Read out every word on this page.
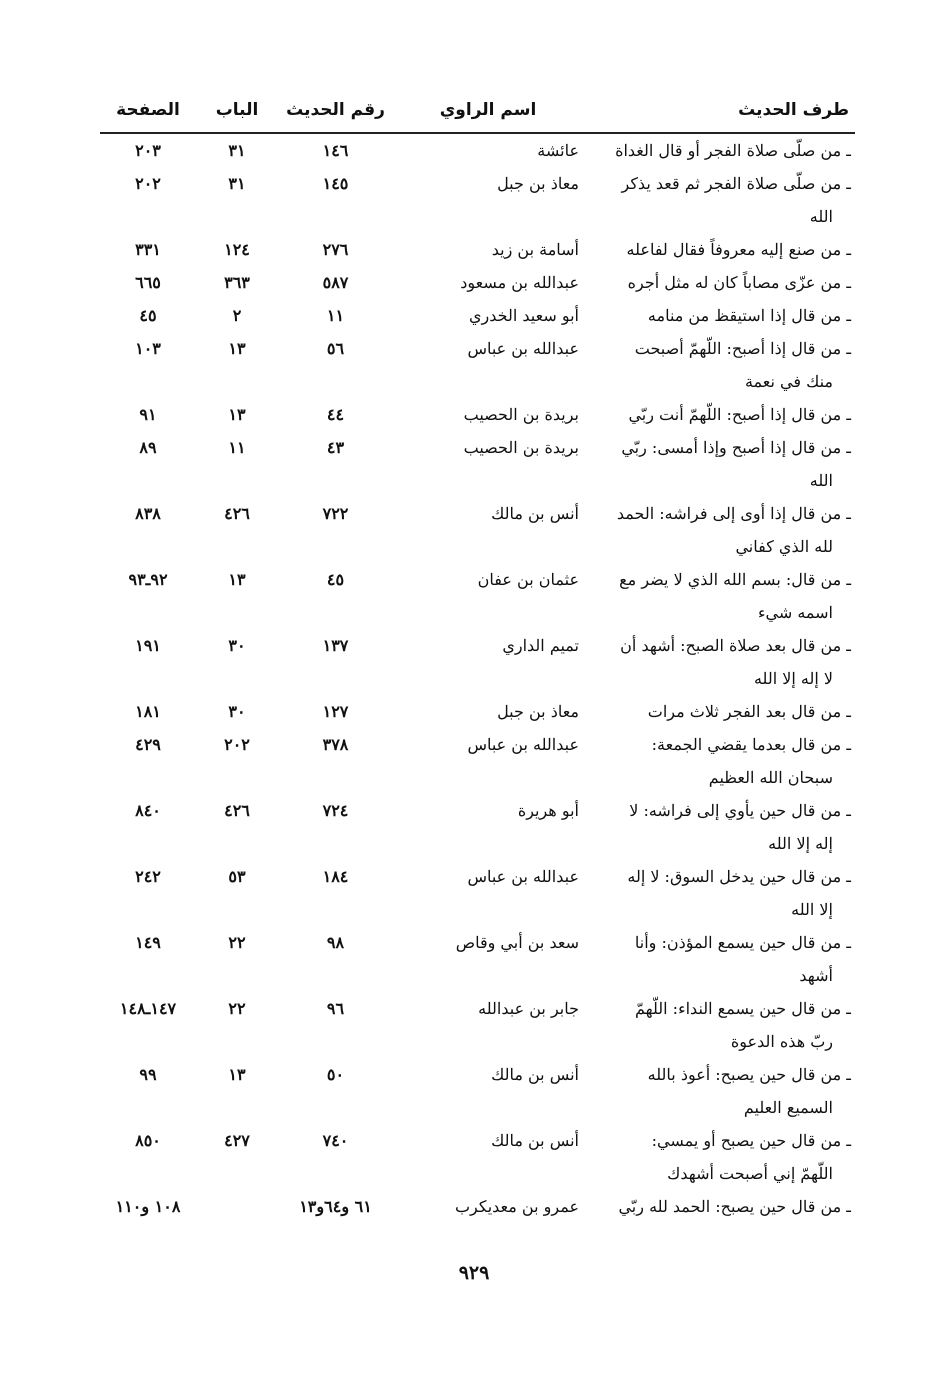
طرف الحديث	اسم الراوي	رقم الحديث	الباب	الصفحة

ـ من صلّى صلاة الفجر أو قال الغداة	عائشة	١٤٦	٣١	٢٠٣

ـ من صلّى صلاة الفجر ثم قعد يذكر
الله	معاذ بن جبل	١٤٥	٣١	٢٠٢

ـ من صنع إليه معروفاً فقال لفاعله	أسامة بن زيد	٢٧٦	١٢٤	٣٣١

ـ من عزّى مصاباً كان له مثل أجره	عبدالله بن مسعود	٥٨٧	٣٦٣	٦٦٥

ـ من قال إذا استيقظ من منامه	أبو سعيد الخدري	١١	٢	٤٥

ـ من قال إذا أصبح: اللّهمّ أصبحت
منك في نعمة	عبدالله بن عباس	٥٦	١٣	١٠٣

ـ من قال إذا أصبح: اللّهمّ أنت ربّي	بريدة بن الحصيب	٤٤	١٣	٩١

ـ من قال إذا أصبح وإذا أمسى: ربّي
الله	بريدة بن الحصيب	٤٣	١١	٨٩

ـ من قال إذا أوى إلى فراشه: الحمد
لله الذي كفاني	أنس بن مالك	٧٢٢	٤٢٦	٨٣٨

ـ من قال: بسم الله الذي لا يضر مع
اسمه شيء	عثمان بن عفان	٤٥	١٣	٩٢ـ٩٣

ـ من قال بعد صلاة الصبح: أشهد أن
لا إله إلا الله	تميم الداري	١٣٧	٣٠	١٩١

ـ من قال بعد الفجر ثلاث مرات	معاذ بن جبل	١٢٧	٣٠	١٨١

ـ من قال بعدما يقضي الجمعة:
سبحان الله العظيم	عبدالله بن عباس	٣٧٨	٢٠٢	٤٢٩

ـ من قال حين يأوي إلى فراشه: لا
إله إلا الله	أبو هريرة	٧٢٤	٤٢٦	٨٤٠

ـ من قال حين يدخل السوق: لا إله
إلا الله	عبدالله بن عباس	١٨٤	٥٣	٢٤٢

ـ من قال حين يسمع المؤذن: وأنا
أشهد	سعد بن أبي وقاص	٩٨	٢٢	١٤٩

ـ من قال حين يسمع النداء: اللّهمّ
ربّ هذه الدعوة	جابر بن عبدالله	٩٦	٢٢	١٤٧ـ١٤٨

ـ من قال حين يصبح: أعوذ بالله
السميع العليم	أنس بن مالك	٥٠	١٣	٩٩

ـ من قال حين يصبح أو يمسي:
اللّهمّ إني أصبحت أشهدك	أنس بن مالك	٧٤٠	٤٢٧	٨٥٠

ـ من قال حين يصبح: الحمد لله ربّي	عمرو بن معديكرب	٦١ و٦٤و١٣		١٠٨ و١١٠
٩٢٩
